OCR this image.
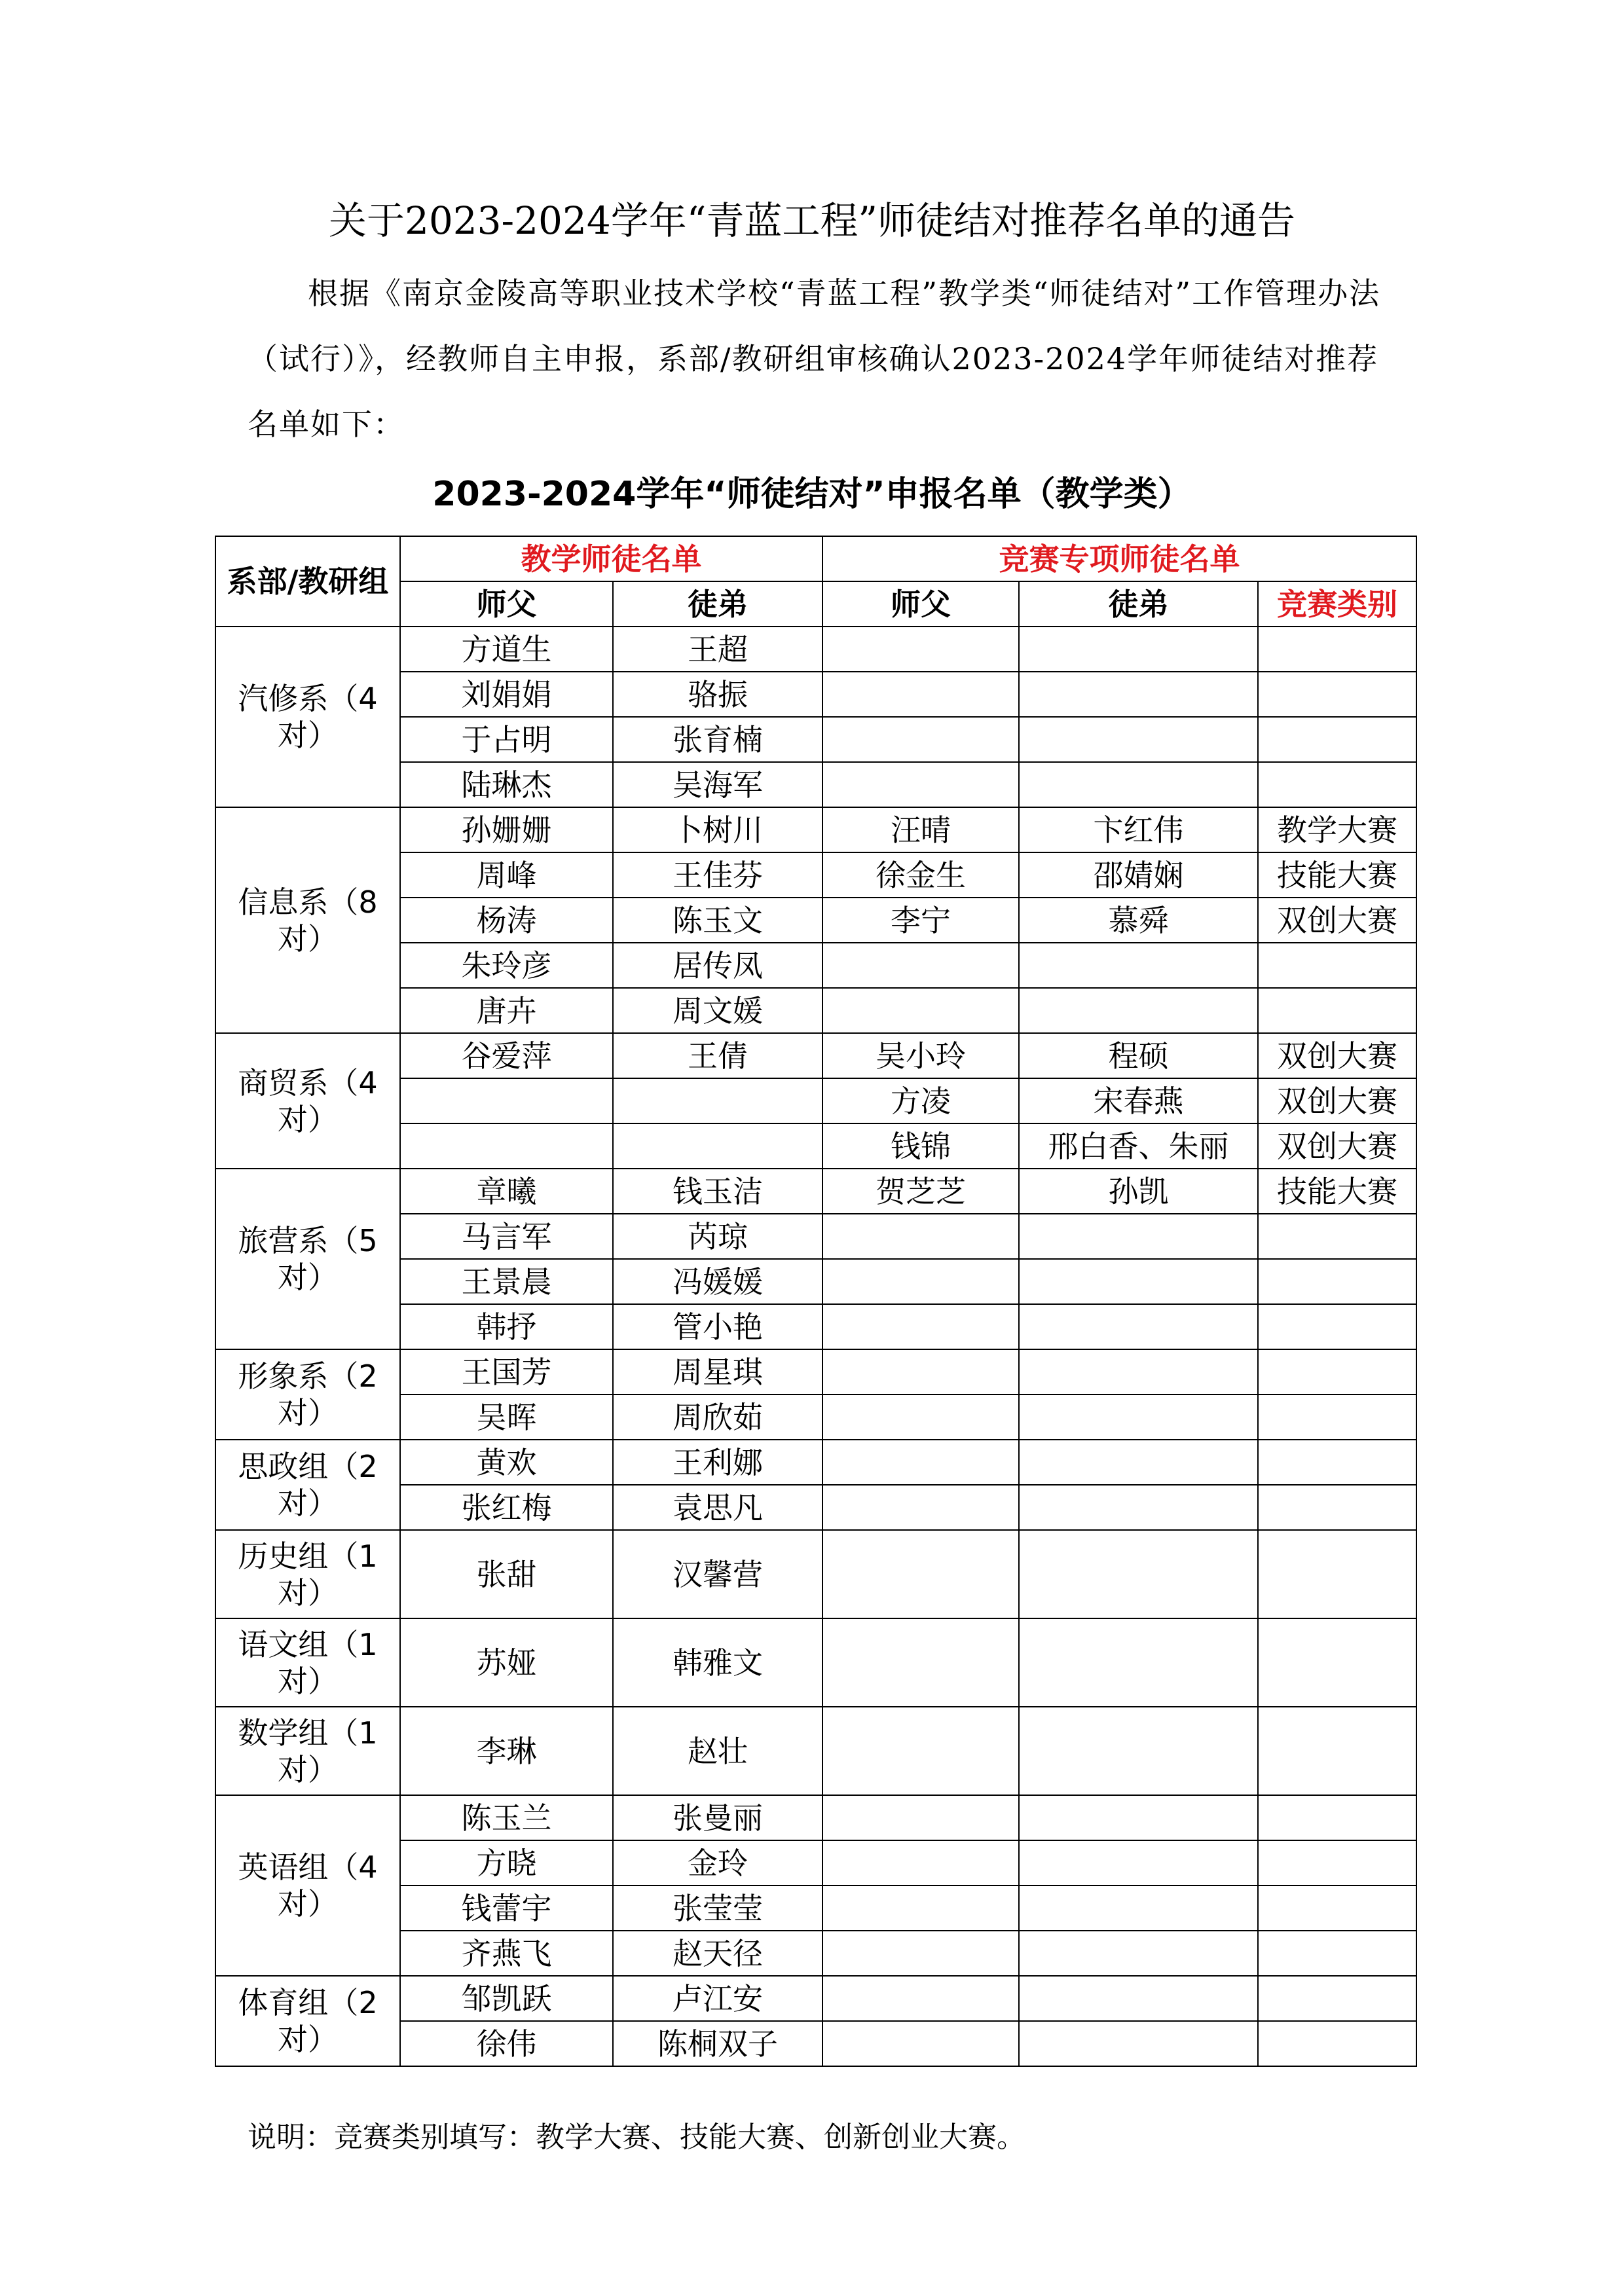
关于2023-2024学年“青蓝工程”师徒结对推荐名单的通告

根据《南京金陵高等职业技术学校“青蓝工程”教学类“师徒结对”工作管理办法（试行）》，经教师自主申报，系部/教研组审核确认2023-2024学年师徒结对推荐名单如下：

2023-2024学年“师徒结对”申报名单（教学类）
系部/教研组	教学师徒名单		竞赛专项师徒名单		
	师父	徒弟	师父	徒弟	竞赛类别
汽修系（4对）	方道生	王超			
	刘娟娟	骆振			
	于占明	张育楠			
	陆琳杰	吴海军			
信息系（8对）	孙姗姗	卜树川	汪晴	卞红伟	教学大赛
	周峰	王佳芬	徐金生	邵婧娴	技能大赛
	杨涛	陈玉文	李宁	慕舜	双创大赛
	朱玲彦	居传凤			
	唐卉	周文媛			
商贸系（4对）	谷爱萍	王倩	吴小玲	程硕	双创大赛
			方凌	宋春燕	双创大赛
			钱锦	邢白香、朱丽	双创大赛
旅营系（5对）	章曦	钱玉洁	贺芝芝	孙凯	技能大赛
	马言军	芮琼			
	王景晨	冯媛媛			
	韩抒	管小艳			
形象系（2对）	王国芳	周星琪			
	吴晖	周欣茹			
思政组（2对）	黄欢	王利娜			
	张红梅	袁思凡			
历史组（1对）	张甜	汉馨营			
语文组（1对）	苏娅	韩雅文			
数学组（1对）	李琳	赵壮			
英语组（4对）	陈玉兰	张曼丽			
	方晓	金玲			
	钱蕾宇	张莹莹			
	齐燕飞	赵天径			
体育组（2对）	邹凯跃	卢江安			
	徐伟	陈桐双子			

说明：竞赛类别填写：教学大赛、技能大赛、创新创业大赛。
